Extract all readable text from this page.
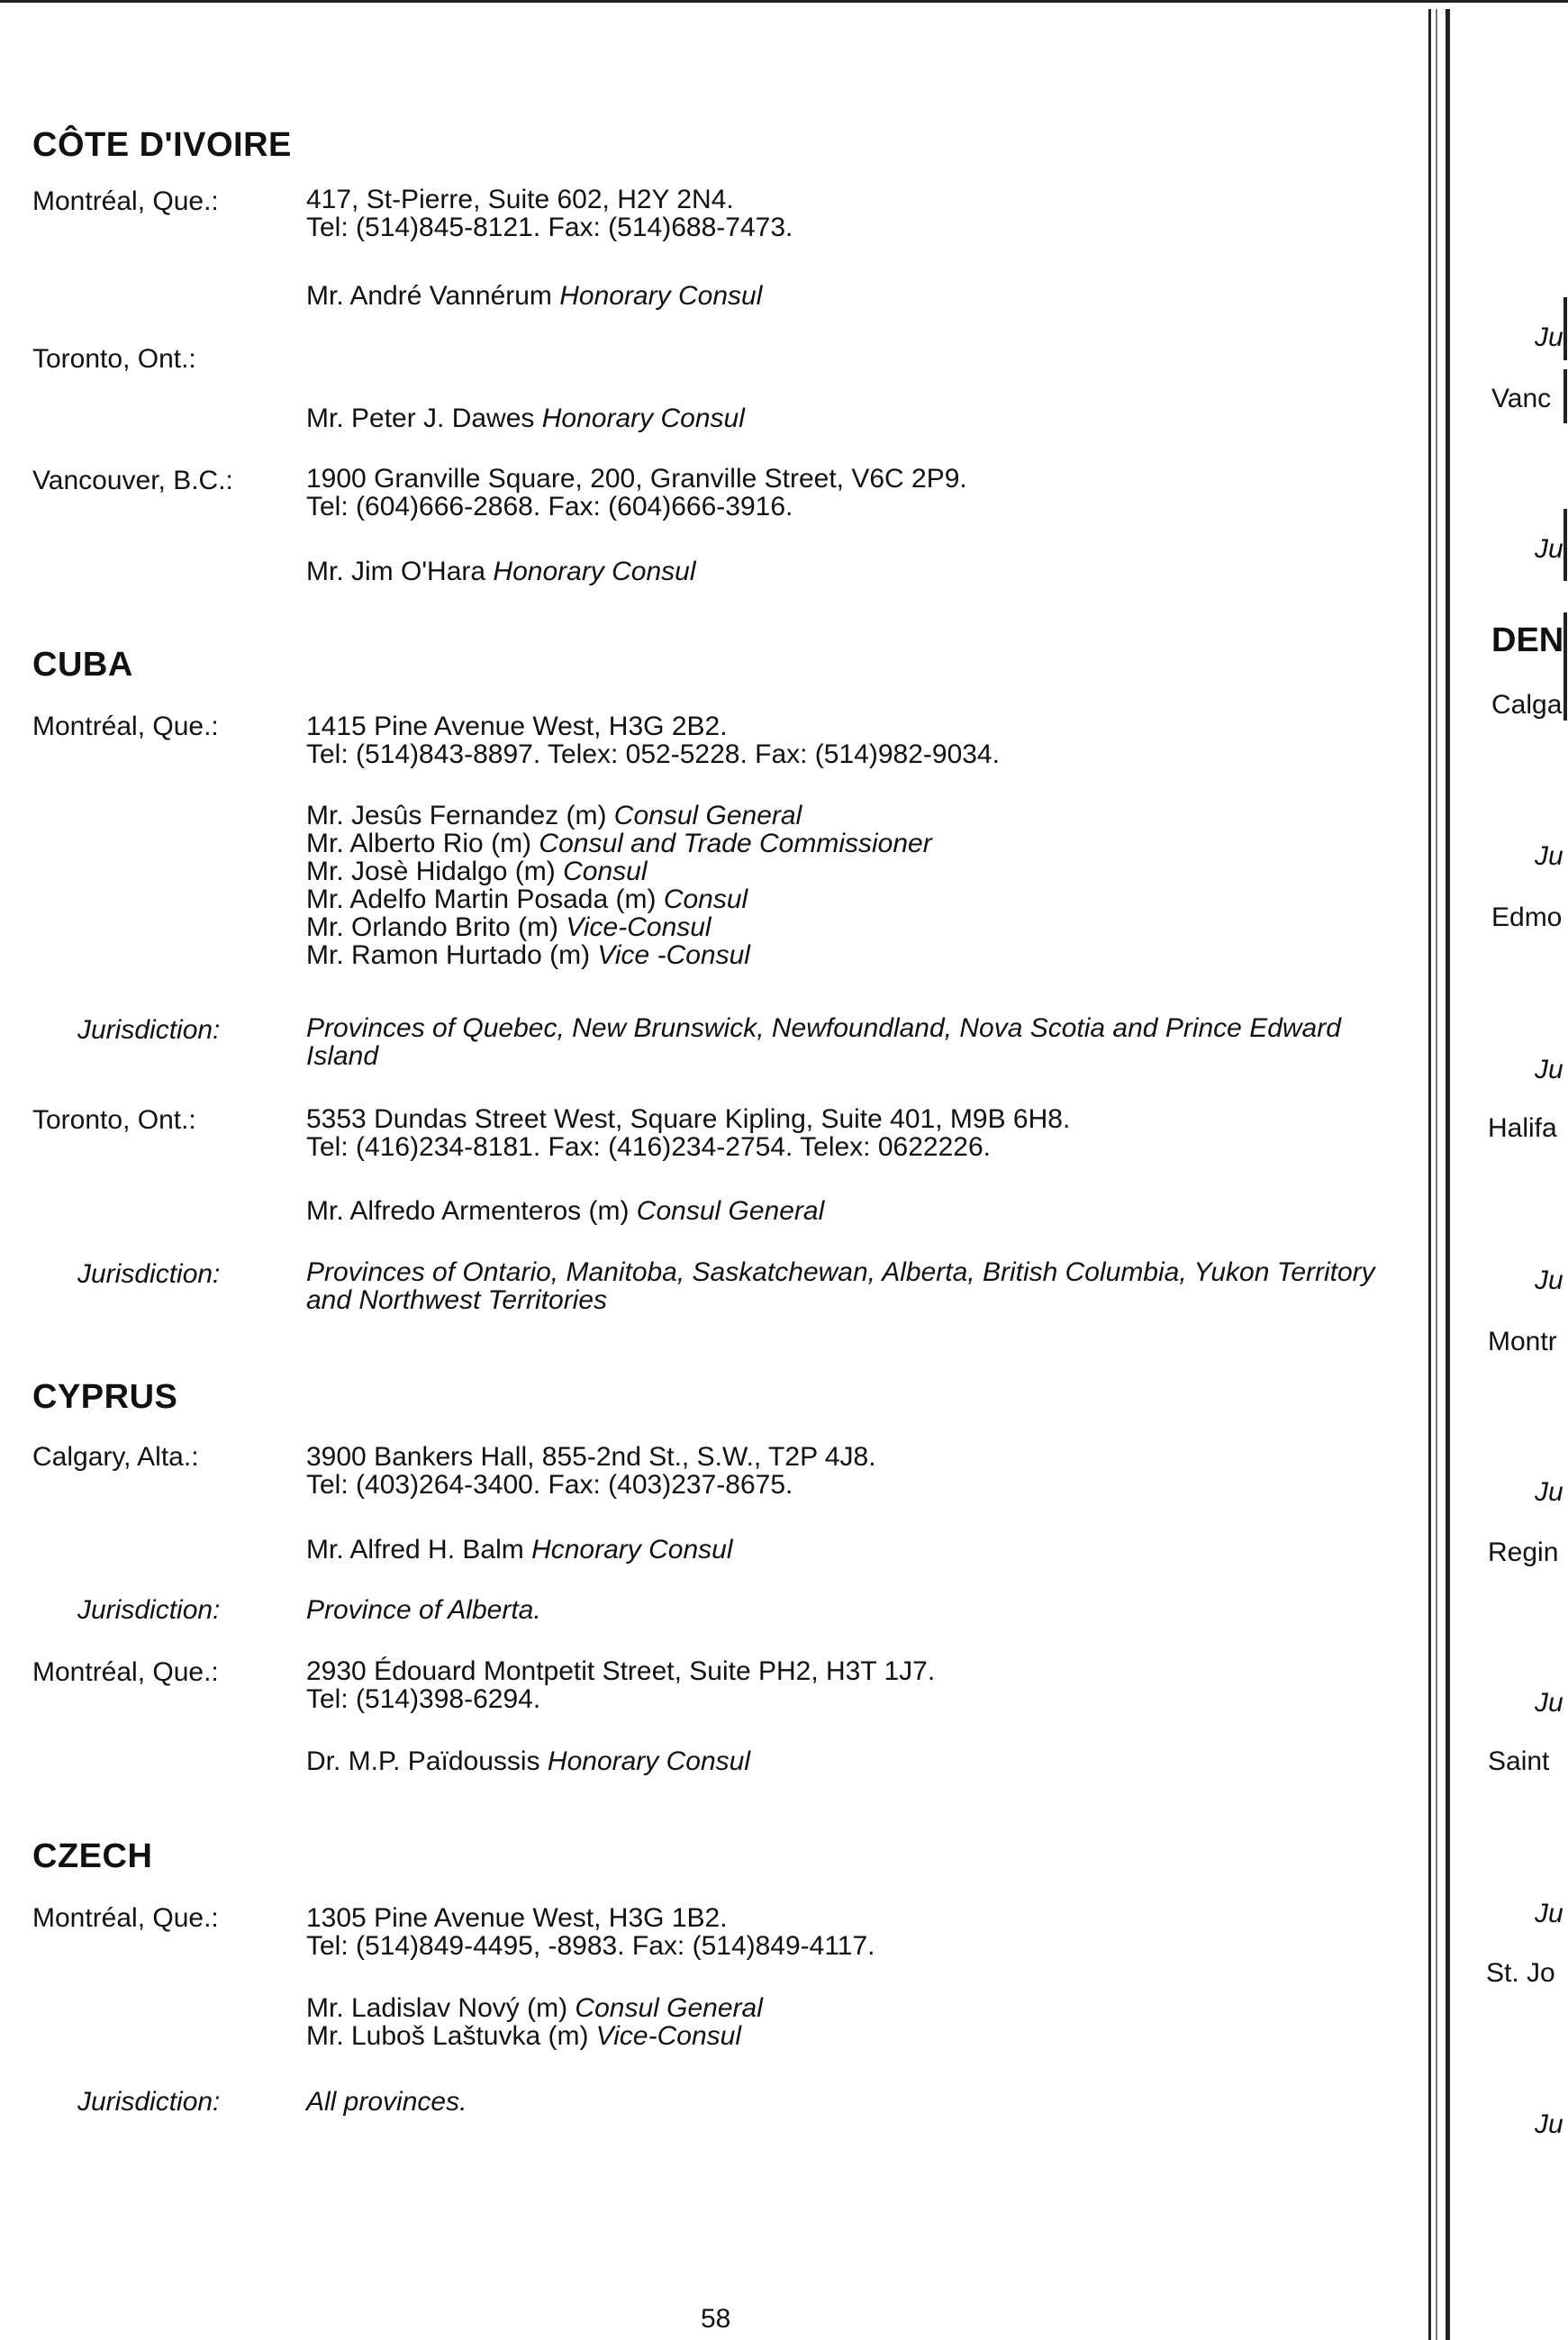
CÔTE D'IVOIRE
Montréal, Que.:	417, St-Pierre, Suite 602, H2Y 2N4.
Tel: (514)845-8121. Fax: (514)688-7473.
Mr. André Vannérum Honorary Consul
Toronto, Ont.:
Mr. Peter J. Dawes Honorary Consul
Vancouver, B.C.:	1900 Granville Square, 200, Granville Street, V6C 2P9.
Tel: (604)666-2868. Fax: (604)666-3916.
Mr. Jim O'Hara Honorary Consul
CUBA
Montréal, Que.:	1415 Pine Avenue West, H3G 2B2.
Tel: (514)843-8897. Telex: 052-5228. Fax: (514)982-9034.
Mr. Jesûs Fernandez (m) Consul General
Mr. Alberto Rio (m) Consul and Trade Commissioner
Mr. Josè Hidalgo (m) Consul
Mr. Adelfo Martin Posada (m) Consul
Mr. Orlando Brito (m) Vice-Consul
Mr. Ramon Hurtado (m) Vice -Consul
Jurisdiction:	Provinces of Quebec, New Brunswick, Newfoundland, Nova Scotia and Prince Edward Island
Toronto, Ont.:	5353 Dundas Street West, Square Kipling, Suite 401, M9B 6H8.
Tel: (416)234-8181. Fax: (416)234-2754. Telex: 0622226.
Mr. Alfredo Armenteros (m) Consul General
Jurisdiction:	Provinces of Ontario, Manitoba, Saskatchewan, Alberta, British Columbia, Yukon Territory and Northwest Territories
CYPRUS
Calgary, Alta.:	3900 Bankers Hall, 855-2nd St., S.W., T2P 4J8.
Tel: (403)264-3400. Fax: (403)237-8675.
Mr. Alfred H. Balm Hcnorary Consul
Jurisdiction:	Province of Alberta.
Montréal, Que.:	2930 Édouard Montpetit Street, Suite PH2, H3T 1J7.
Tel: (514)398-6294.
Dr. M.P. Païdoussis Honorary Consul
CZECH
Montréal, Que.:	1305 Pine Avenue West, H3G 1B2.
Tel: (514)849-4495, -8983. Fax: (514)849-4117.
Mr. Ladislav Nový (m) Consul General
Mr. Luboš Laštuvka (m) Vice-Consul
Jurisdiction:	All provinces.
58
Ju
Vanc
Ju
DEN
Calga
Ju
Edmo
Ju
Halifa
Ju
Montr
Ju
Regin
Ju
Saint
Ju
St. Jo
Ju
